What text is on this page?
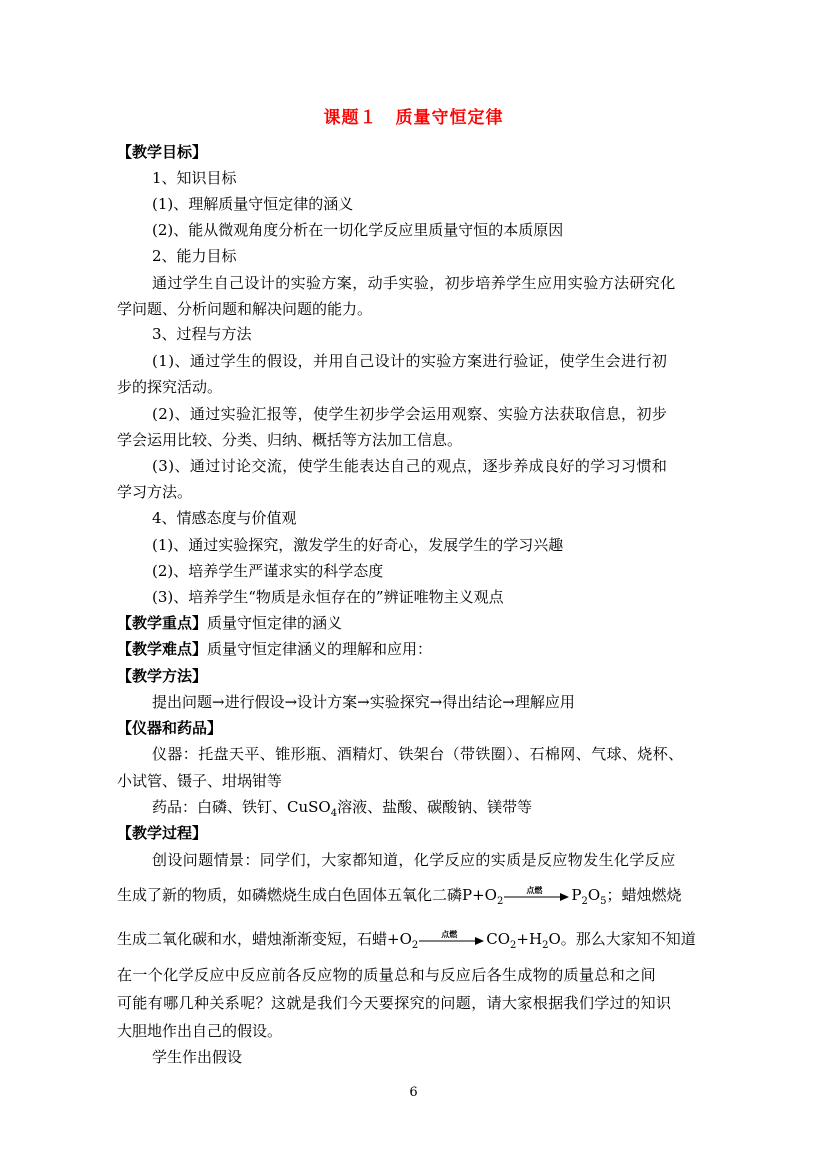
课题１　质量守恒定律
【教学目标】
1、知识目标
(1)、理解质量守恒定律的涵义
(2)、能从微观角度分析在一切化学反应里质量守恒的本质原因
2、能力目标
通过学生自己设计的实验方案，动手实验，初步培养学生应用实验方法研究化
学问题、分析问题和解决问题的能力。
3、过程与方法
(1)、通过学生的假设，并用自己设计的实验方案进行验证，使学生会进行初
步的探究活动。
(2)、通过实验汇报等，使学生初步学会运用观察、实验方法获取信息，初步
学会运用比较、分类、归纳、概括等方法加工信息。
(3)、通过讨论交流，使学生能表达自己的观点，逐步养成良好的学习习惯和
学习方法。
4、情感态度与价值观
(1)、通过实验探究，激发学生的好奇心，发展学生的学习兴趣
(2)、培养学生严谨求实的科学态度
(3)、培养学生“物质是永恒存在的”辨证唯物主义观点
【教学重点】质量守恒定律的涵义
【教学难点】质量守恒定律涵义的理解和应用：
【教学方法】
提出问题→进行假设→设计方案→实验探究→得出结论→理解应用
【仪器和药品】
仪器：托盘天平、锥形瓶、酒精灯、铁架台（带铁圈）、石棉网、气球、烧杯、
小试管、镊子、坩埚钳等
药品：白磷、铁钉、CuSO$_4$溶液、盐酸、碳酸钠、镁带等
【教学过程】
创设问题情景：同学们，大家都知道，化学反应的实质是反应物发生化学反应
生成了新的物质，如磷燃烧生成白色固体五氧化二磷$P+O_2$
点燃	$P_2O_5$；蜡烛燃烧
生成二氧化碳和水，蜡烛渐渐变短，石蜡$+O_2$
点燃	$CO_2+H_2O$。那么大家知不知道
在一个化学反应中反应前各反应物的质量总和与反应后各生成物的质量总和之间
可能有哪几种关系呢？这就是我们今天要探究的问题，请大家根据我们学过的知识
大胆地作出自己的假设。
学生作出假设
6
